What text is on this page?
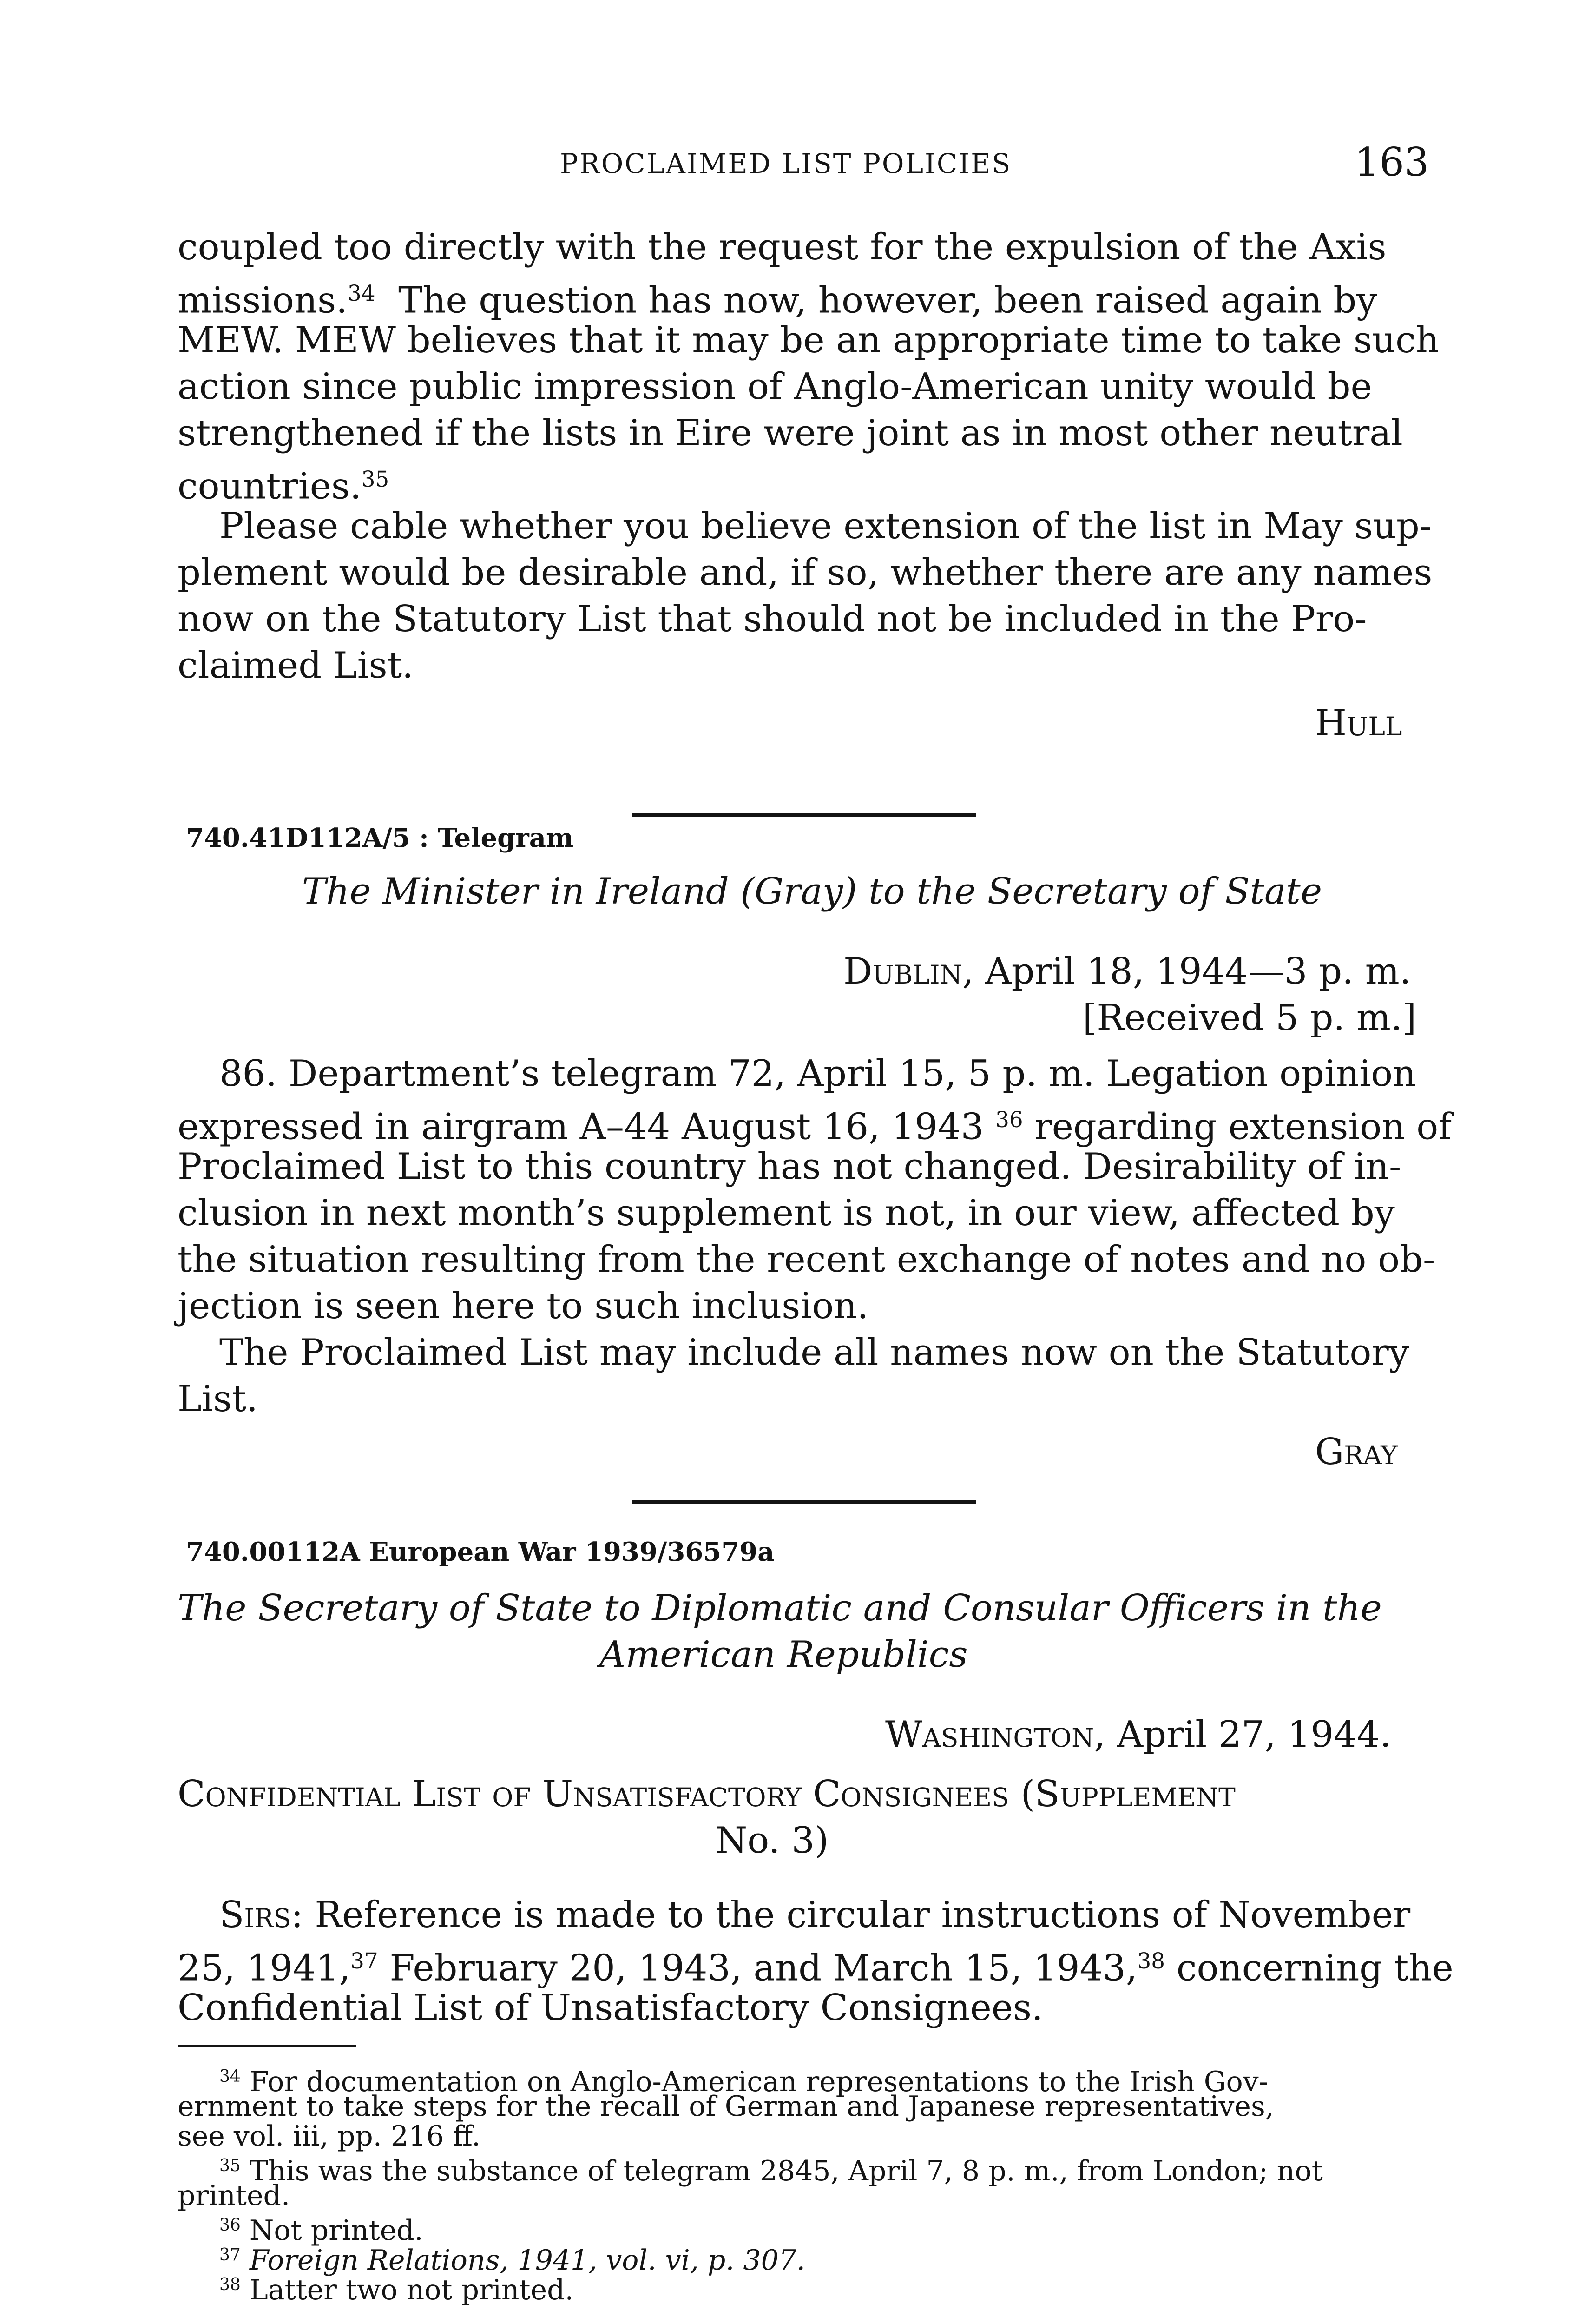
PROCLAIMED LIST POLICIES	163
coupled too directly with the request for the expulsion of the Axis
missions.$^{34}$ The question has now, however, been raised again by
MEW. MEW believes that it may be an appropriate time to take such
action since public impression of Anglo-American unity would be
strengthened if the lists in Eire were joint as in most other neutral
countries.$^{35}$
Please cable whether you believe extension of the list in May sup-
plement would be desirable and, if so, whether there are any names
now on the Statutory List that should not be included in the Pro-
claimed List.
Hull
740.41D112A/5 : Telegram
The Minister in Ireland (Gray) to the Secretary of State
Dublin, April 18, 1944—3 p. m.
[Received 5 p. m.]
86. Department’s telegram 72, April 15, 5 p. m. Legation opinion
expressed in airgram A–44 August 16, 1943 $^{36}$ regarding extension of
Proclaimed List to this country has not changed. Desirability of in-
clusion in next month’s supplement is not, in our view, affected by
the situation resulting from the recent exchange of notes and no ob-
jection is seen here to such inclusion.
The Proclaimed List may include all names now on the Statutory
List.
Gray
740.00112A European War 1939/36579a
The Secretary of State to Diplomatic and Consular Officers in the
American Republics
Washington, April 27, 1944.
Confidential List of Unsatisfactory Consignees (Supplement
No. 3)
Sirs: Reference is made to the circular instructions of November
25, 1941,37 February 20, 1943, and March 15, 1943,38 concerning the
Confidential List of Unsatisfactory Consignees.
$^{34}$ For documentation on Anglo-American representations to the Irish Gov-
ernment to take steps for the recall of German and Japanese representatives,
see vol. iii, pp. 216 ff.
$^{35}$ This was the substance of telegram 2845, April 7, 8 p. m., from London; not
printed.
$^{36}$ Not printed.
$^{37}$ Foreign Relations, 1941, vol. vi, p. 307.
$^{38}$ Latter two not printed.
